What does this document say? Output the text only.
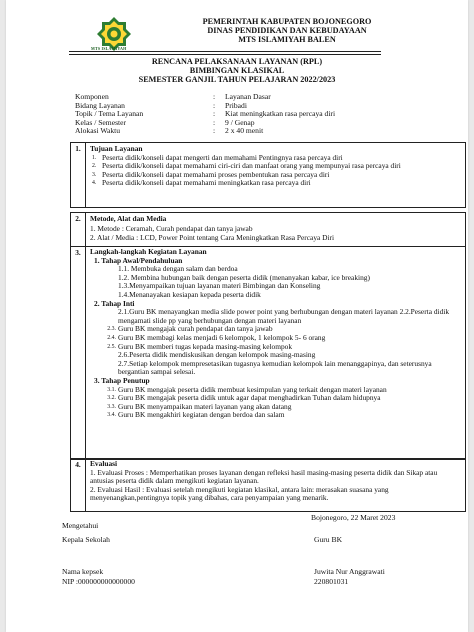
MTS ISLAMIYAH
PEMERINTAH KABUPATEN BOJONEGORO
DINAS PENDIDIKAN DAN KEBUDAYAAN
MTS ISLAMIYAH BALEN
RENCANA PELAKSANAAN LAYANAN (RPL)
BIMBINGAN KLASIKAL
SEMESTER GANJIL TAHUN PELAJARAN 2022/2023
Komponen	:	Layanan Dasar
Bidang Layanan	:	Pribadi
Topik / Tema Layanan	:	Kiat meningkatkan rasa percaya diri
Kelas / Semester	:	9 / Genap
Alokasi Waktu	:	2 x 40 menit
1.	Tujuan Layanan
1. Peserta didik/konseli dapat mengerti dan memahami Pentingnya rasa percaya diri
2. Peserta didik/konseli dapat memahami ciri-ciri dan manfaat orang yang mempunyai rasa percaya diri
3. Peserta didik/konseli dapat memahami proses pembentukan rasa percaya diri
4. Peserta didik/konseli dapat memahami meningkatkan rasa percaya diri
2.	Metode, Alat dan Media
1. Metode : Ceramah, Curah pendapat dan tanya jawab
2. Alat / Media : LCD, Power Point tentang Cara Meningkatkan Rasa Percaya Diri
3.	Langkah-langkah Kegiatan Layanan
1. Tahap Awal/Pendahuluan
1.1. Membuka dengan salam dan berdoa
1.2. Membina hubungan baik dengan peserta didik (menanyakan kabar, ice breaking)
1.3.Menyampaikan tujuan layanan materi Bimbingan dan Konseling
1.4.Menanayakan kesiapan kepada peserta didik
2. Tahap Inti
2.1.Guru BK menayangkan media slide power point yang berhubungan dengan materi layanan 2.2.Peserta didik mengamati slide pp yang berhubungan dengan materi layanan
2.3. Guru BK mengajak curah pendapat dan tanya jawab
2.4. Guru BK membagi kelas menjadi 6 kelompok, 1 kelompok 5- 6 orang
2.5. Guru BK memberi tugas kepada masing-masing kelompok
2.6.Peserta didik mendiskusikan dengan kelompok masing-masing
2.7.Setiap kelompok mempresetasikan tugasnya kemudian kelompok lain menanggapinya, dan seterusnya bergantian sampai selesai.
3. Tahap Penutup
3.1. Guru BK mengajak peserta didik membuat kesimpulan yang terkait dengan materi layanan
3.2. Guru BK mengajak peserta didik untuk agar dapat menghadirkan Tuhan dalam hidupnya
3.3. Guru BK menyampaikan materi layanan yang akan datang
3.4. Guru BK mengakhiri kegiatan dengan berdoa dan salam
4.	Evaluasi
1. Evaluasi Proses : Memperhatikan proses layanan dengan refleksi hasil masing-masing peserta didik dan Sikap atau antusias peserta didik dalam mengikuti kegiatan layanan.
2. Evaluasi Hasil : Evaluasi setelah mengikuti kegiatan klasikal, antara lain: merasakan suasana yang menyenangkan,pentingnya topik yang dibahas, cara penyampaian yang menarik.
Bojonegoro, 22 Maret 2023
Mengetahui
Kepala Sekolah	Guru BK
Nama kepsek
NIP :000000000000000
Juwita Nur Anggrawati
220801031
